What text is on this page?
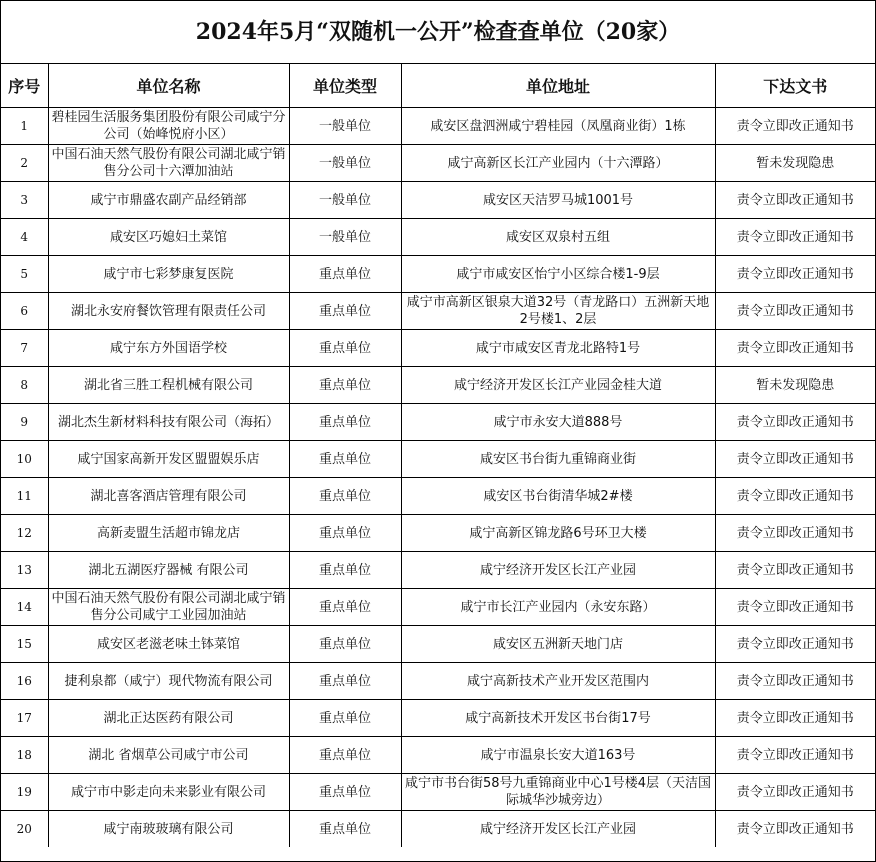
2024年5月“双随机一公开”检查查单位（20家）
序号	单位名称	单位类型	单位地址	下达文书
1	碧桂园生活服务集团股份有限公司咸宁分公司（始峰悦府小区）	一般单位	咸安区盘泗洲咸宁碧桂园（凤凰商业街）1栋	责令立即改正通知书
2	中国石油天然气股份有限公司湖北咸宁销售分公司十六潭加油站	一般单位	咸宁高新区长江产业园内（十六潭路）	暂未发现隐患
3	咸宁市鼎盛农副产品经销部	一般单位	咸安区天洁罗马城1001号	责令立即改正通知书
4	咸安区巧媳妇土菜馆	一般单位	咸安区双泉村五组	责令立即改正通知书
5	咸宁市七彩梦康复医院	重点单位	咸宁市咸安区怡宁小区综合楼1-9层	责令立即改正通知书
6	湖北永安府餐饮管理有限责任公司	重点单位	咸宁市高新区银泉大道32号（青龙路口）五洲新天地2号楼1、2层	责令立即改正通知书
7	咸宁东方外国语学校	重点单位	咸宁市咸安区青龙北路特1号	责令立即改正通知书
8	湖北省三胜工程机械有限公司	重点单位	咸宁经济开发区长江产业园金桂大道	暂未发现隐患
9	湖北杰生新材料科技有限公司（海拓）	重点单位	咸宁市永安大道888号	责令立即改正通知书
10	咸宁国家高新开发区盟盟娱乐店	重点单位	咸安区书台街九重锦商业街	责令立即改正通知书
11	湖北喜客酒店管理有限公司	重点单位	咸安区书台街清华城2#楼	责令立即改正通知书
12	高新麦盟生活超市锦龙店	重点单位	咸宁高新区锦龙路6号环卫大楼	责令立即改正通知书
13	湖北五湖医疗器械 有限公司	重点单位	咸宁经济开发区长江产业园	责令立即改正通知书
14	中国石油天然气股份有限公司湖北咸宁销售分公司咸宁工业园加油站	重点单位	咸宁市长江产业园内（永安东路）	责令立即改正通知书
15	咸安区老滋老味土钵菜馆	重点单位	咸安区五洲新天地门店	责令立即改正通知书
16	捷利泉都（咸宁）现代物流有限公司	重点单位	咸宁高新技术产业开发区范围内	责令立即改正通知书
17	湖北正达医药有限公司	重点单位	咸宁高新技术开发区书台街17号	责令立即改正通知书
18	湖北 省烟草公司咸宁市公司	重点单位	咸宁市温泉长安大道163号	责令立即改正通知书
19	咸宁市中影走向未来影业有限公司	重点单位	咸宁市书台街58号九重锦商业中心1号楼4层（天洁国际城华沙城旁边）	责令立即改正通知书
20	咸宁南玻玻璃有限公司	重点单位	咸宁经济开发区长江产业园	责令立即改正通知书
